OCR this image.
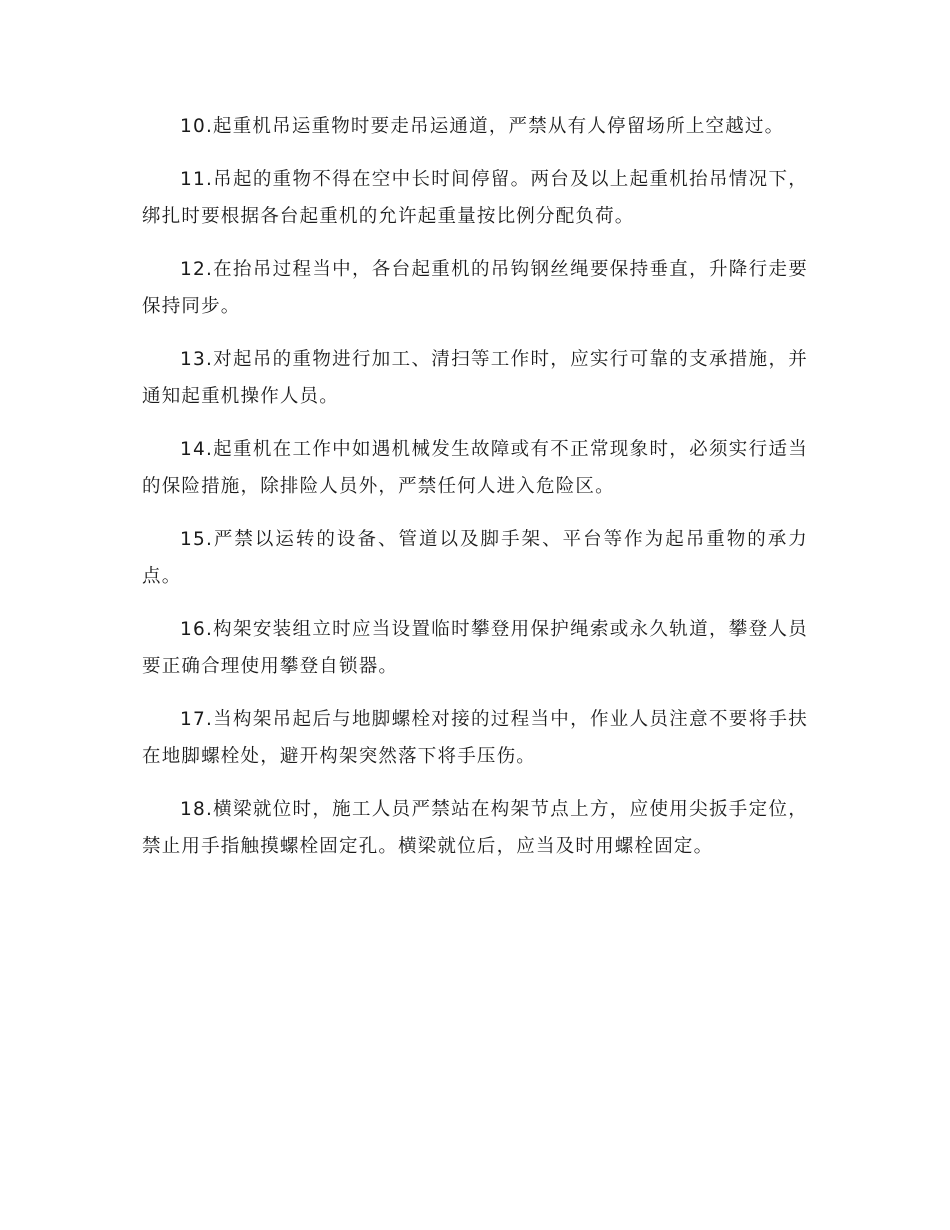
10.起重机吊运重物时要走吊运通道，严禁从有人停留场所上空越过。

11.吊起的重物不得在空中长时间停留。两台及以上起重机抬吊情况下，绑扎时要根据各台起重机的允许起重量按比例分配负荷。

12.在抬吊过程当中，各台起重机的吊钩钢丝绳要保持垂直，升降行走要保持同步。

13.对起吊的重物进行加工、清扫等工作时，应实行可靠的支承措施，并通知起重机操作人员。

14.起重机在工作中如遇机械发生故障或有不正常现象时，必须实行适当的保险措施，除排险人员外，严禁任何人进入危险区。

15.严禁以运转的设备、管道以及脚手架、平台等作为起吊重物的承力点。

16.构架安装组立时应当设置临时攀登用保护绳索或永久轨道，攀登人员要正确合理使用攀登自锁器。

17.当构架吊起后与地脚螺栓对接的过程当中，作业人员注意不要将手扶在地脚螺栓处，避开构架突然落下将手压伤。

18.横梁就位时，施工人员严禁站在构架节点上方，应使用尖扳手定位，禁止用手指触摸螺栓固定孔。横梁就位后，应当及时用螺栓固定。
